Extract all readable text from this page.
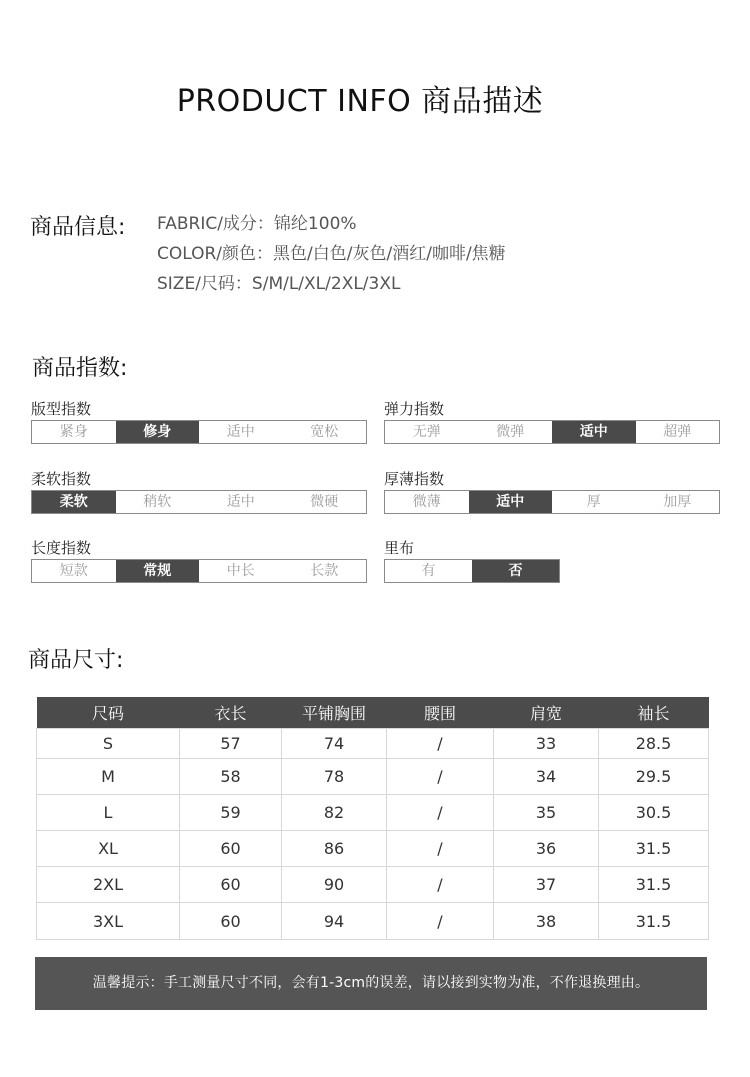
PRODUCT INFO 商品描述
商品信息: FABRIC/成分：锦纶100%
COLOR/颜色：黑色/白色/灰色/酒红/咖啡/焦糖
SIZE/尺码：S/M/L/XL/2XL/3XL
商品指数:
版型指数
紧身	修身	适中	宽松
弹力指数
无弹	微弹	适中	超弹
柔软指数
柔软	稍软	适中	微硬
厚薄指数
微薄	适中	厚	加厚
长度指数
短款	常规	中长	长款
里布
有	否
商品尺寸:
尺码	衣长	平铺胸围	腰围	肩宽	袖长
S	57	74	/	33	28.5
M	58	78	/	34	29.5
L	59	82	/	35	30.5
XL	60	86	/	36	31.5
2XL	60	90	/	37	31.5
3XL	60	94	/	38	31.5
温馨提示：手工测量尺寸不同，会有1-3cm的误差，请以接到实物为准，不作退换理由。
